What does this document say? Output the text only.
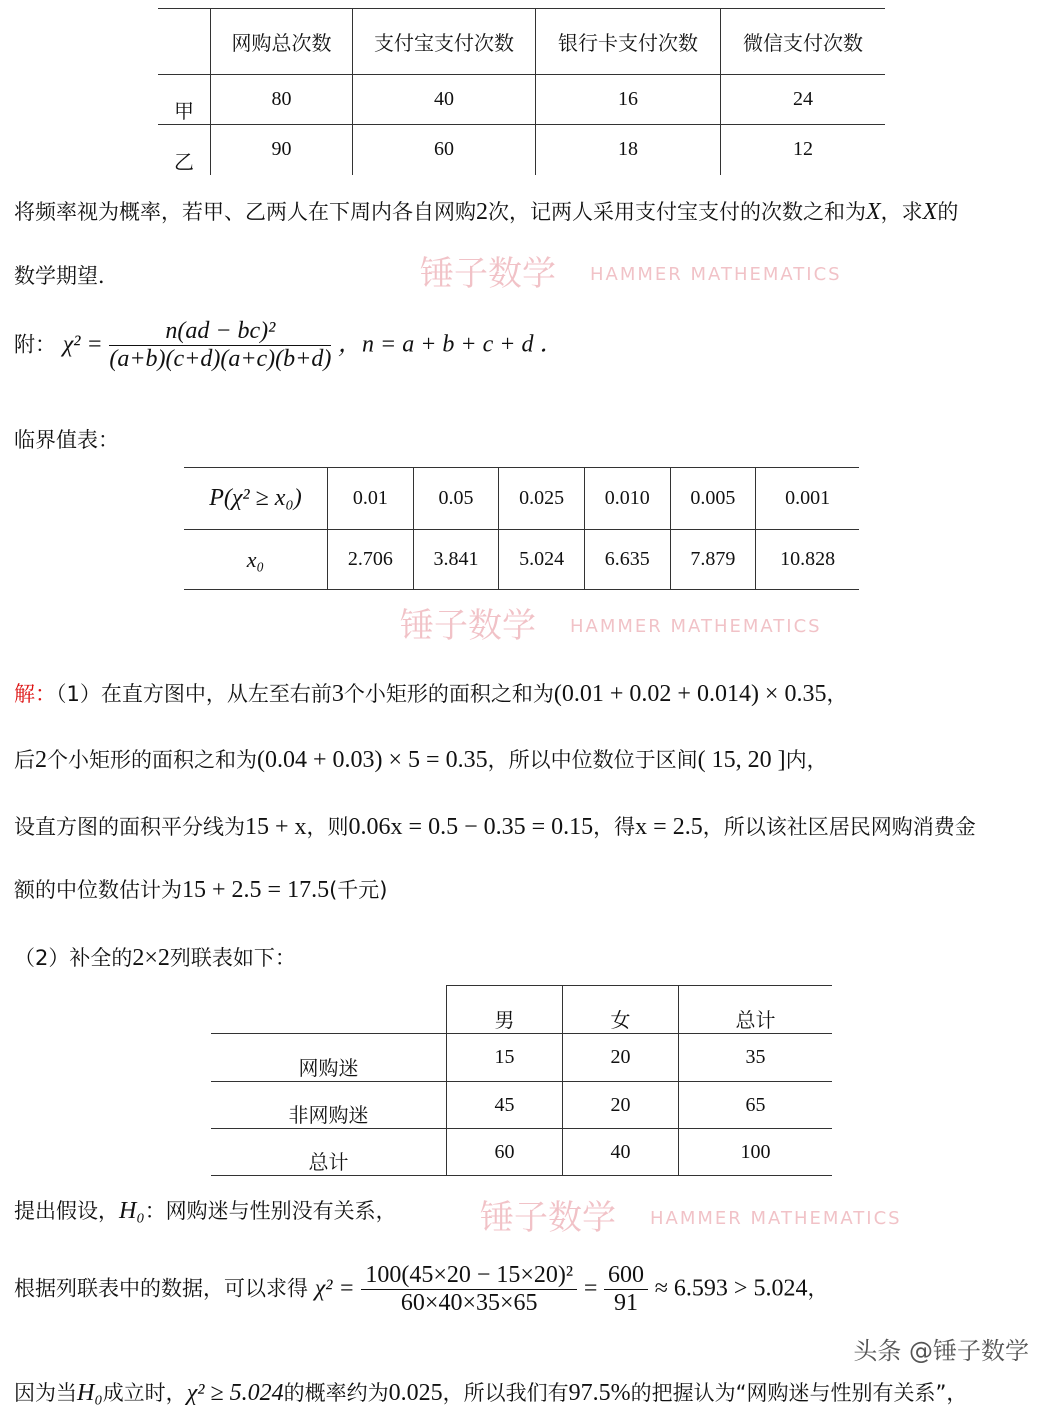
锤子数学 HAMMER MATHEMATICS
锤子数学 HAMMER MATHEMATICS
锤子数学 HAMMER MATHEMATICS
	网购总次数	支付宝支付次数	银行卡支付次数	微信支付次数
甲	80	40	16	24
乙	90	60	18	12
将频率视为概率，若甲、乙两人在下周内各自网购2次，记两人采用支付宝支付的次数之和为X，求X的
数学期望．
附： $\chi^2 = \frac{\text{n(ad − bc)²}}{(a+b)(c+d)(a+c)(b+d)}$ ，n = a + b + c + d ．
临界值表：
P(χ² ≥ x₀)	0.01	0.05	0.025	0.010	0.005	0.001
x₀	2.706	3.841	5.024	6.635	7.879	10.828
解：（1）在直方图中，从左至右前3个小矩形的面积之和为(0.01 + 0.02 + 0.014) × 0.35，
后2个小矩形的面积之和为(0.04 + 0.03) × 5 = 0.35，所以中位数位于区间( 15, 20 ]内，
设直方图的面积平分线为15 + x，则0.06x = 0.5 − 0.35 = 0.15，得x = 2.5，所以该社区居民网购消费金
额的中位数估计为15 + 2.5 = 17.5(千元)
（2）补全的2×2列联表如下：
	男	女	总计
网购迷	15	20	35
非网购迷	45	20	65
总计	60	40	100
提出假设，H₀：网购迷与性别没有关系，
根据列联表中的数据，可以求得 $\chi^2 = \frac{\text{100(45×20 − 15×20)²}}{60\times 40\times 35\times 65} = \frac{600}{91} \approx 6.593 > 5.024$，
头条 @锤子数学
因为当H₀成立时，χ² ≥ 5.024的概率约为0.025，所以我们有97.5%的把握认为“网购迷与性别有关系”，
